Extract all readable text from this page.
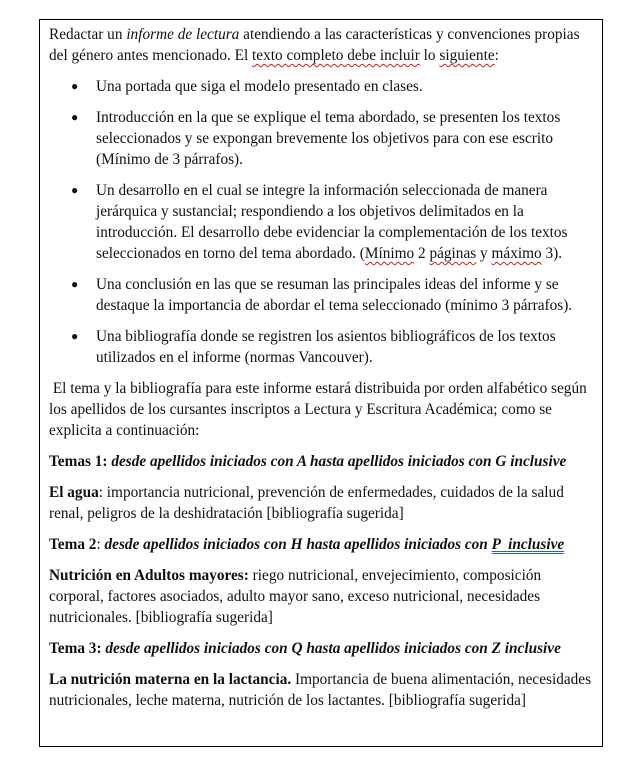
Redactar un informe de lectura atendiendo a las características y convenciones propias del género antes mencionado. El texto completo debe incluir lo siguiente:

● Una portada que siga el modelo presentado en clases.
● Introducción en la que se explique el tema abordado, se presenten los textos seleccionados y se expongan brevemente los objetivos para con ese escrito (Mínimo de 3 párrafos).
● Un desarrollo en el cual se integre la información seleccionada de manera jerárquica y sustancial; respondiendo a los objetivos delimitados en la introducción. El desarrollo debe evidenciar la complementación de los textos seleccionados en torno del tema abordado. (Mínimo 2 páginas y máximo 3).
● Una conclusión en las que se resuman las principales ideas del informe y se destaque la importancia de abordar el tema seleccionado (mínimo 3 párrafos).
● Una bibliografía donde se registren los asientos bibliográficos de los textos utilizados en el informe (normas Vancouver).

El tema y la bibliografía para este informe estará distribuida por orden alfabético según los apellidos de los cursantes inscriptos a Lectura y Escritura Académica; como se explicita a continuación:

Temas 1: desde apellidos iniciados con A hasta apellidos iniciados con G inclusive

El agua: importancia nutricional, prevención de enfermedades, cuidados de la salud renal, peligros de la deshidratación [bibliografía sugerida]

Tema 2: desde apellidos iniciados con H hasta apellidos iniciados con P  inclusive

Nutrición en Adultos mayores: riego nutricional, envejecimiento, composición corporal, factores asociados, adulto mayor sano, exceso nutricional, necesidades nutricionales. [bibliografía sugerida]

Tema 3: desde apellidos iniciados con Q hasta apellidos iniciados con Z inclusive

La nutrición materna en la lactancia. Importancia de buena alimentación, necesidades nutricionales, leche materna, nutrición de los lactantes. [bibliografía sugerida]
